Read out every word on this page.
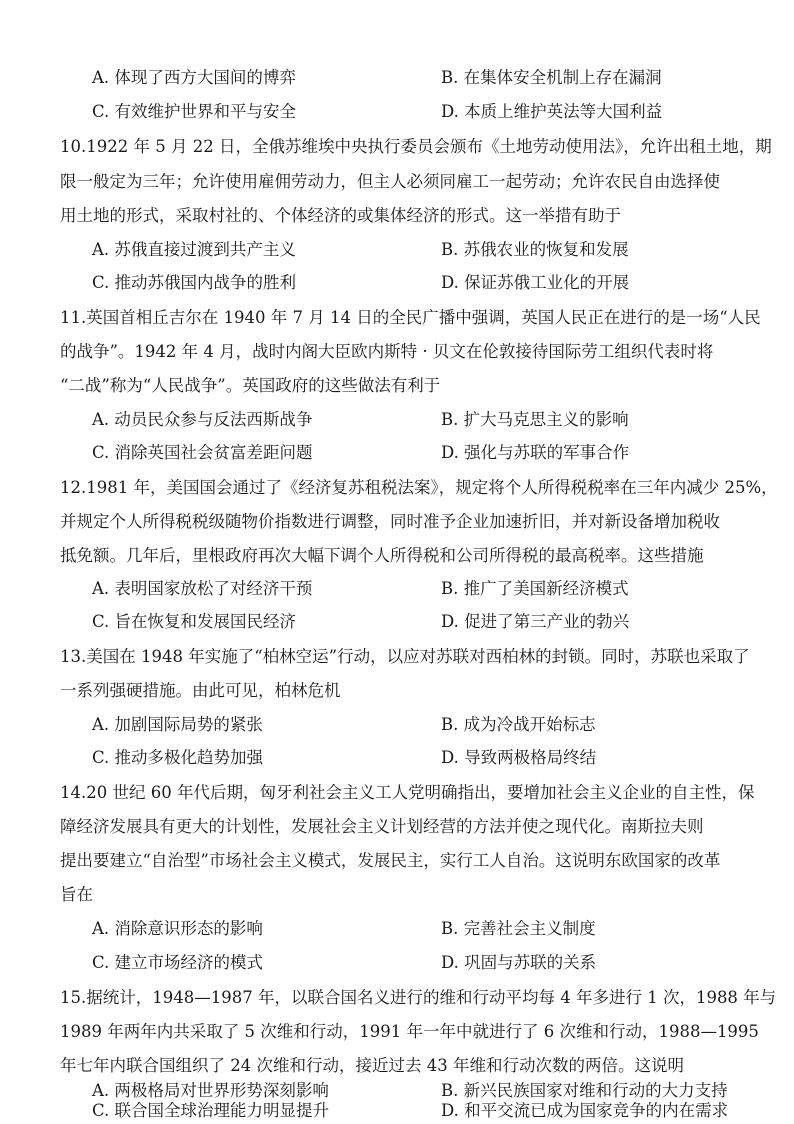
A. 体现了西方大国间的博弈	B. 在集体安全机制上存在漏洞
C. 有效维护世界和平与安全	D. 本质上维护英法等大国利益
10.1922 年 5 月 22 日，全俄苏维埃中央执行委员会颁布《土地劳动使用法》，允许出租土地，期
限一般定为三年；允许使用雇佣劳动力，但主人必须同雇工一起劳动；允许农民自由选择使
用土地的形式，采取村社的、个体经济的或集体经济的形式。这一举措有助于
A. 苏俄直接过渡到共产主义	B. 苏俄农业的恢复和发展
C. 推动苏俄国内战争的胜利	D. 保证苏俄工业化的开展
11.英国首相丘吉尔在 1940 年 7 月 14 日的全民广播中强调，英国人民正在进行的是一场“人民
的战争”。1942 年 4 月，战时内阁大臣欧内斯特 · 贝文在伦敦接待国际劳工组织代表时将
“二战”称为“人民战争”。英国政府的这些做法有利于
A. 动员民众参与反法西斯战争	B. 扩大马克思主义的影响
C. 消除英国社会贫富差距问题	D. 强化与苏联的军事合作
12.1981 年，美国国会通过了《经济复苏租税法案》，规定将个人所得税税率在三年内减少 25%，
并规定个人所得税税级随物价指数进行调整，同时准予企业加速折旧，并对新设备增加税收
抵免额。几年后，里根政府再次大幅下调个人所得税和公司所得税的最高税率。这些措施
A. 表明国家放松了对经济干预	B. 推广了美国新经济模式
C. 旨在恢复和发展国民经济	D. 促进了第三产业的勃兴
13.美国在 1948 年实施了“柏林空运”行动，以应对苏联对西柏林的封锁。同时，苏联也采取了
一系列强硬措施。由此可见，柏林危机
A. 加剧国际局势的紧张	B. 成为冷战开始标志
C. 推动多极化趋势加强	D. 导致两极格局终结
14.20 世纪 60 年代后期，匈牙利社会主义工人党明确指出，要增加社会主义企业的自主性，保
障经济发展具有更大的计划性，发展社会主义计划经营的方法并使之现代化。南斯拉夫则
提出要建立“自治型”市场社会主义模式，发展民主，实行工人自治。这说明东欧国家的改革
旨在
A. 消除意识形态的影响	B. 完善社会主义制度
C. 建立市场经济的模式	D. 巩固与苏联的关系
15.据统计，1948—1987 年，以联合国名义进行的维和行动平均每 4 年多进行 1 次，1988 年与
1989 年两年内共采取了 5 次维和行动，1991 年一年中就进行了 6 次维和行动，1988—1995
年七年内联合国组织了 24 次维和行动，接近过去 43 年维和行动次数的两倍。这说明
A. 两极格局对世界形势深刻影响	B. 新兴民族国家对维和行动的大力支持
C. 联合国全球治理能力明显提升	D. 和平交流已成为国家竞争的内在需求
